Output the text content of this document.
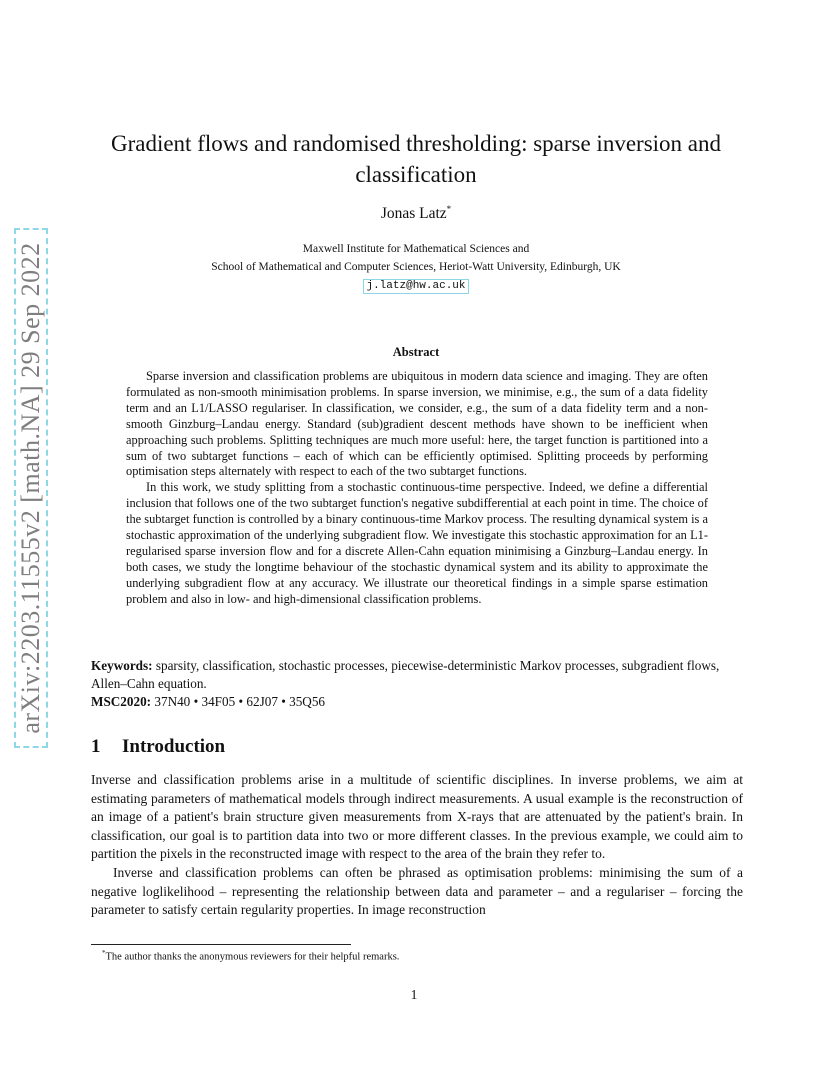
arXiv:2203.11555v2 [math.NA] 29 Sep 2022
Gradient flows and randomised thresholding: sparse inversion and
classification
Jonas Latz*
Maxwell Institute for Mathematical Sciences and
School of Mathematical and Computer Sciences, Heriot-Watt University, Edinburgh, UK
j.latz@hw.ac.uk
Abstract

Sparse inversion and classification problems are ubiquitous in modern data science and imaging. They are often formulated as non-smooth minimisation problems. In sparse inversion, we minimise, e.g., the sum of a data fidelity term and an L1/LASSO regulariser. In classification, we consider, e.g., the sum of a data fidelity term and a non-smooth Ginzburg–Landau energy. Standard (sub)gradient descent methods have shown to be inefficient when approaching such problems. Splitting techniques are much more useful: here, the target function is partitioned into a sum of two subtarget functions – each of which can be efficiently optimised. Splitting proceeds by performing optimisation steps alternately with respect to each of the two subtarget functions.

In this work, we study splitting from a stochastic continuous-time perspective. Indeed, we define a differential inclusion that follows one of the two subtarget function's negative subdifferential at each point in time. The choice of the subtarget function is controlled by a binary continuous-time Markov process. The resulting dynamical system is a stochastic approximation of the underlying subgradient flow. We investigate this stochastic approximation for an L1-regularised sparse inversion flow and for a discrete Allen-Cahn equation minimising a Ginzburg–Landau energy. In both cases, we study the longtime behaviour of the stochastic dynamical system and its ability to approximate the underlying subgradient flow at any accuracy. We illustrate our theoretical findings in a simple sparse estimation problem and also in low- and high-dimensional classification problems.

Keywords: sparsity, classification, stochastic processes, piecewise-deterministic Markov processes, subgradient flows, Allen–Cahn equation.
MSC2020: 37N40 • 34F05 • 62J07 • 35Q56
1 Introduction

Inverse and classification problems arise in a multitude of scientific disciplines. In inverse problems, we aim at estimating parameters of mathematical models through indirect measurements. A usual example is the reconstruction of an image of a patient's brain structure given measurements from X-rays that are attenuated by the patient's brain. In classification, our goal is to partition data into two or more different classes. In the previous example, we could aim to partition the pixels in the reconstructed image with respect to the area of the brain they refer to.

Inverse and classification problems can often be phrased as optimisation problems: minimising the sum of a negative loglikelihood – representing the relationship between data and parameter – and a regulariser – forcing the parameter to satisfy certain regularity properties. In image reconstruction

*The author thanks the anonymous reviewers for their helpful remarks.
1
